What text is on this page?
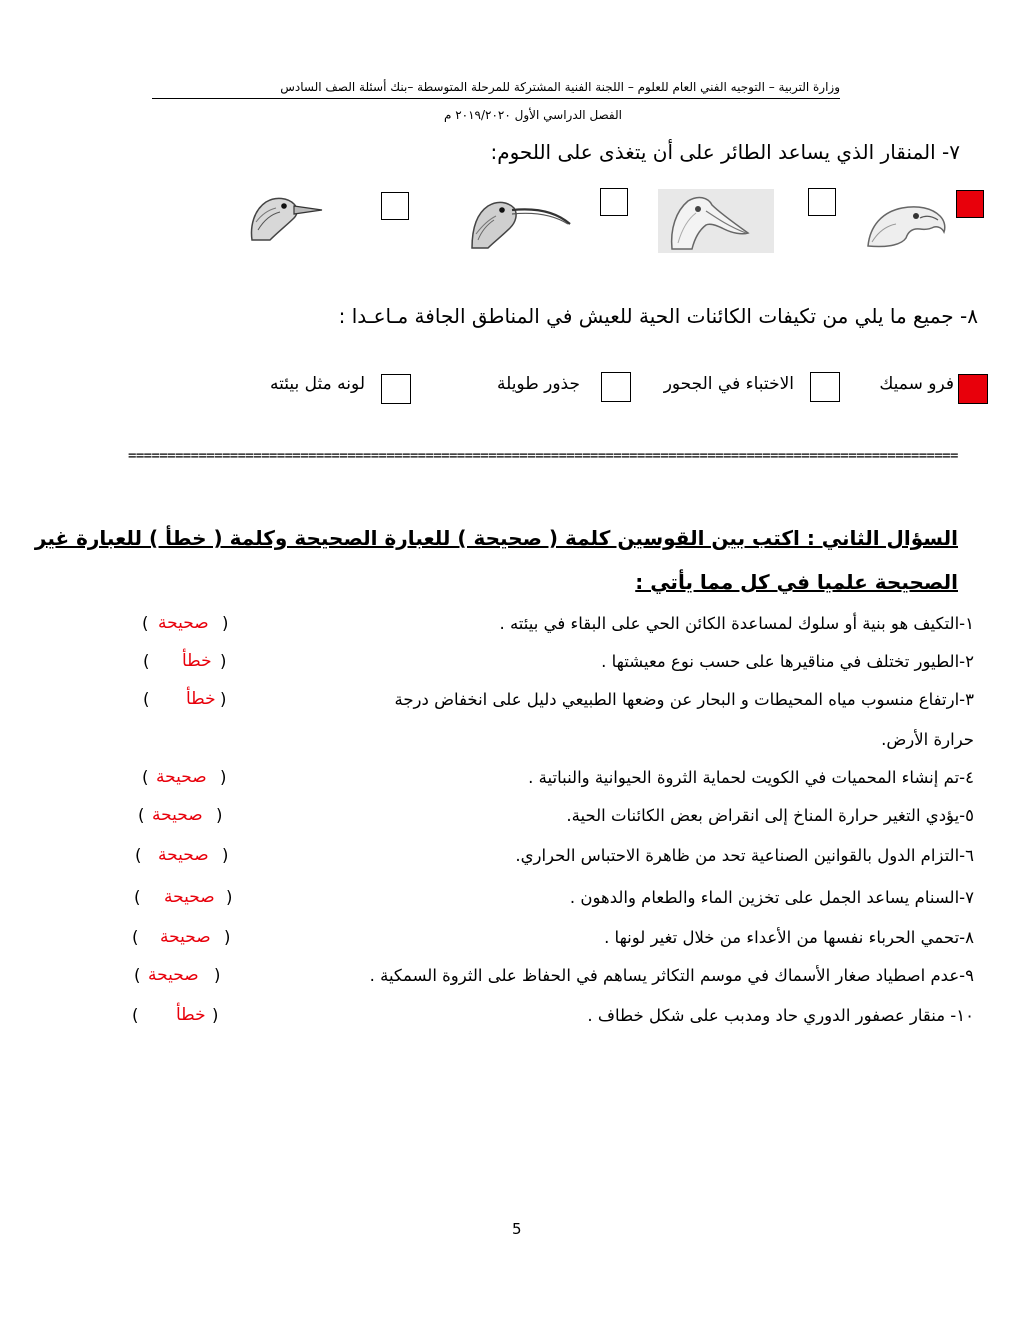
وزارة التربية – التوجيه الفني العام للعلوم – اللجنة الفنية المشتركة للمرحلة المتوسطة –بنك أسئلة الصف السادس
الفصل الدراسي الأول ٢٠١٩/٢٠٢٠ م
٧- المنقار الذي يساعد الطائر على أن يتغذى على اللحوم:
٨- جميع ما يلي من تكيفات الكائنات الحية للعيش في المناطق الجافة مـاعـدا :
فرو سميك
الاختباء في الجحور
جذور طويلة
لونه مثل بيئته
==========================================================================================================
السؤال الثاني : اكتب بين القوسين كلمة ( صحيحة ) للعبارة الصحيحة وكلمة ( خطأ ) للعبارة غير
الصحيحة علميا في كل مما يأتي :
١-التكيف هو بنية أو سلوك لمساعدة الكائن الحي على البقاء في بيئته .
)
صحيحة
(
٢-الطيور تختلف في مناقيرها على حسب نوع معيشتها .
)
خطأ
(
٣-ارتفاع منسوب مياه المحيطات و البحار عن وضعها الطبيعي دليل على انخفاض درجة
حرارة الأرض.
)
خطأ
(
٤-تم إنشاء المحميات في الكويت لحماية الثروة الحيوانية والنباتية .
)
صحيحة
(
٥-يؤدي التغير حرارة المناخ إلى انقراض بعض الكائنات الحية.
)
صحيحة
(
٦-التزام الدول بالقوانين الصناعية تحد من ظاهرة الاحتباس الحراري.
)
صحيحة
(
٧-السنام يساعد الجمل على تخزين الماء والطعام والدهون .
)
صحيحة
(
٨-تحمي الحرباء نفسها من الأعداء من خلال تغير لونها .
)
صحيحة
(
٩-عدم اصطياد صغار الأسماك في موسم التكاثر يساهم في الحفاظ على الثروة السمكية .
)
صحيحة
(
١٠- منقار عصفور الدوري حاد ومدبب على شكل خطاف .
)
خطأ
(
5
